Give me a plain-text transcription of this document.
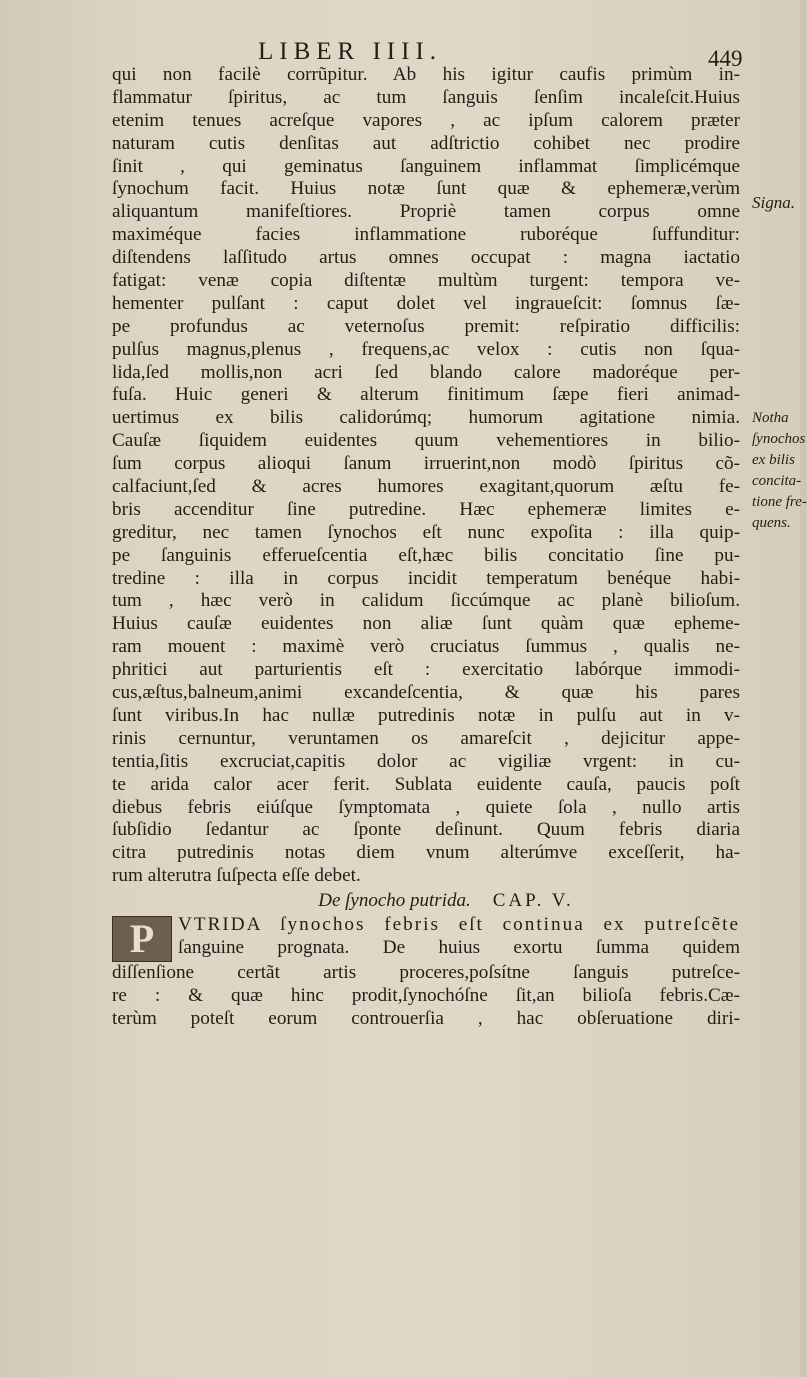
LIBER IIII.	449
qui non facilè corrũpitur. Ab his igitur caufis primùm in-
flammatur ſpiritus, ac tum ſanguis ſenſim incaleſcit.Huius
etenim tenues acreſque vapores , ac ipſum calorem præter
naturam cutis denſitas aut adſtrictio cohibet nec prodire
ſinit , qui geminatus ſanguinem inflammat ſimplicémque
ſynochum facit. Huius notæ ſunt quæ & ephemeræ,verùm
aliquantum manifeſtiores. Propriè tamen corpus omne
maximéque facies inflammatione ruboréque ſuffunditur:
diſtendens laſſitudo artus omnes occupat : magna iactatio
fatigat: venæ copia diſtentæ multùm turgent: tempora ve-
hementer pulſant : caput dolet vel ingraueſcit: ſomnus ſæ-
pe profundus ac veternoſus premit: reſpiratio difficilis:
pulſus magnus,plenus , frequens,ac velox : cutis non ſqua-
lida,ſed mollis,non acri ſed blando calore madoréque per-
fuſa. Huic generi & alterum finitimum ſæpe fieri animad-
uertimus ex bilis calidorúmq; humorum agitatione nimia.
Cauſæ ſiquidem euidentes quum vehementiores in bilio-
ſum corpus alioqui ſanum irruerint,non modò ſpiritus cõ-
calfaciunt,ſed & acres humores exagitant,quorum æſtu fe-
bris accenditur ſine putredine. Hæc ephemeræ limites e-
greditur, nec tamen ſynochos eſt nunc expoſita : illa quip-
pe ſanguinis efferueſcentia eſt,hæc bilis concitatio ſine pu-
tredine : illa in corpus incidit temperatum benéque habi-
tum , hæc verò in calidum ſiccúmque ac planè bilioſum.
Huius cauſæ euidentes non aliæ ſunt quàm quæ epheme-
ram mouent : maximè verò cruciatus ſummus , qualis ne-
phritici aut parturientis eſt : exercitatio labórque immodi-
cus,æſtus,balneum,animi excandeſcentia, & quæ his pares
ſunt viribus.In hac nullæ putredinis notæ in pulſu aut in v-
rinis cernuntur, veruntamen os amareſcit , dejicitur appe-
tentia,ſitis excruciat,capitis dolor ac vigiliæ vrgent: in cu-
te arida calor acer ferit. Sublata euidente cauſa, paucis poſt
diebus febris eiúſque ſymptomata , quiete ſola , nullo artis
ſubſidio ſedantur ac ſponte deſinunt. Quum febris diaria
citra putredinis notas diem vnum alterúmve exceſſerit, ha-
rum alterutra ſuſpecta eſſe debet.
De ſynocho putrida. CAP. V.
P	VTRIDA ſynochos febris eſt continua ex putreſcẽte
ſanguine prognata. De huius exortu ſumma quidem
diſſenſione certãt artis proceres,poſsítne ſanguis putreſce-
re : & quæ hinc prodit,ſynochóſne ſit,an bilioſa febris.Cæ-
terùm poteſt eorum controuerſia , hac obſeruatione diri-
Signa.
Notha
ſynochos
ex bilis
concita-
tione fre-
quens.
